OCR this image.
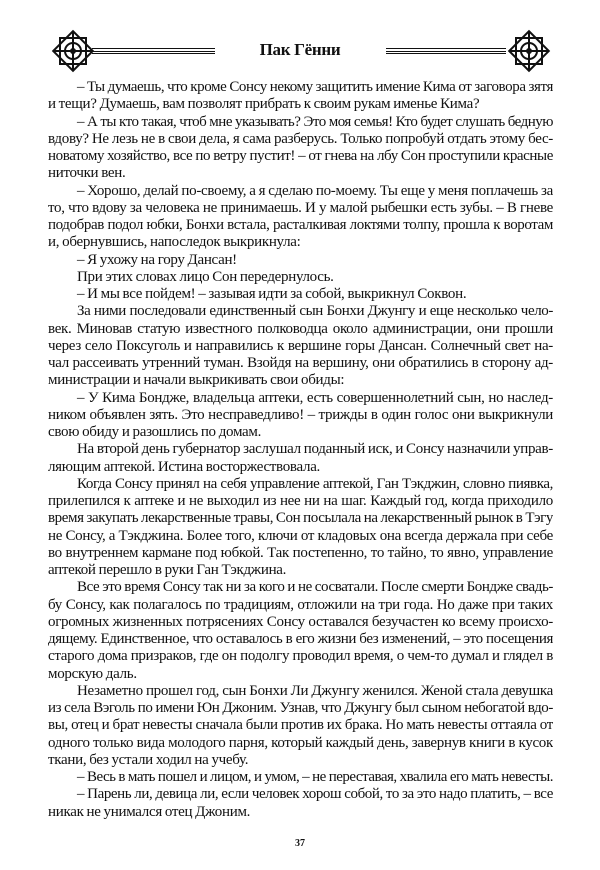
Пак Гённи
– Ты думаешь, что кроме Сонсу некому защитить имение Кима от заговора зятя
и тещи? Думаешь, вам позволят прибрать к своим рукам именье Кима?
– А ты кто такая, чтоб мне указывать? Это моя семья! Кто будет слушать бедную
вдову? Не лезь не в свои дела, я сама разберусь. Только попробуй отдать этому бес-
новатому хозяйство, все по ветру пустит! – от гнева на лбу Сон проступили красные
ниточки вен.
– Хорошо, делай по-своему, а я сделаю по-моему. Ты еще у меня поплачешь за
то, что вдову за человека не принимаешь. И у малой рыбешки есть зубы. – В гневе
подобрав подол юбки, Бонхи встала, расталкивая локтями толпу, прошла к воротам
и, обернувшись, напоследок выкрикнула:
– Я ухожу на гору Дансан!
При этих словах лицо Сон передернулось.
– И мы все пойдем! – зазывая идти за собой, выкрикнул Соквон.
За ними последовали единственный сын Бонхи Джунгу и еще несколько чело-
век. Миновав статую известного полководца около администрации, они прошли
через село Поксуголь и направились к вершине горы Дансан. Солнечный свет на-
чал рассеивать утренний туман. Взойдя на вершину, они обратились в сторону ад-
министрации и начали выкрикивать свои обиды:
– У Кима Бондже, владельца аптеки, есть совершеннолетний сын, но наслед-
ником объявлен зять. Это несправедливо! – трижды в один голос они выкрикнули
свою обиду и разошлись по домам.
На второй день губернатор заслушал поданный иск, и Сонсу назначили управ-
ляющим аптекой. Истина восторжествовала.
Когда Сонсу принял на себя управление аптекой, Ган Тэкджин, словно пиявка,
прилепился к аптеке и не выходил из нее ни на шаг. Каждый год, когда приходило
время закупать лекарственные травы, Сон посылала на лекарственный рынок в Тэгу
не Сонсу, а Тэкджина. Более того, ключи от кладовых она всегда держала при себе
во внутреннем кармане под юбкой. Так постепенно, то тайно, то явно, управление
аптекой перешло в руки Ган Тэкджина.
Все это время Сонсу так ни за кого и не сосватали. После смерти Бондже свадь-
бу Сонсу, как полагалось по традициям, отложили на три года. Но даже при таких
огромных жизненных потрясениях Сонсу оставался безучастен ко всему происхо-
дящему. Единственное, что оставалось в его жизни без изменений, – это посещения
старого дома призраков, где он подолгу проводил время, о чем-то думал и глядел в
морскую даль.
Незаметно прошел год, сын Бонхи Ли Джунгу женился. Женой стала девушка
из села Вэголь по имени Юн Джоним. Узнав, что Джунгу был сыном небогатой вдо-
вы, отец и брат невесты сначала были против их брака. Но мать невесты оттаяла от
одного только вида молодого парня, который каждый день, завернув книги в кусок
ткани, без устали ходил на учебу.
– Весь в мать пошел и лицом, и умом, – не переставая, хвалила его мать невесты.
– Парень ли, девица ли, если человек хорош собой, то за это надо платить, – все
никак не унимался отец Джоним.
37
